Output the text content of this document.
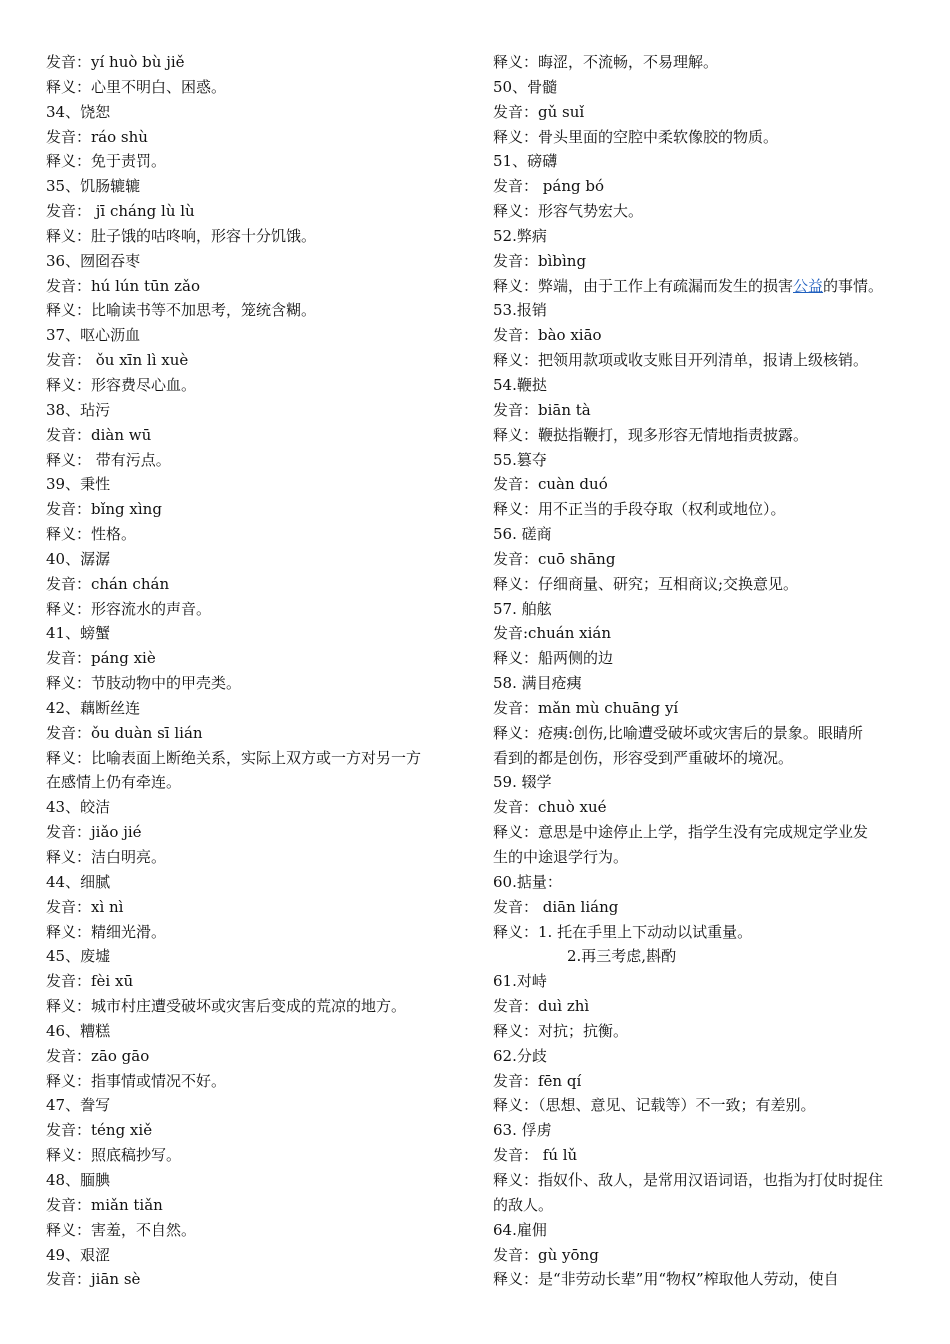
发音：yí huò bù jiě
释义：心里不明白、困惑。
34、饶恕
发音：ráo shù
释义：免于责罚。
35、饥肠辘辘
发音： jī cháng lù lù
释义：肚子饿的咕咚响，形容十分饥饿。
36、囫囵吞枣
发音：hú lún tūn zǎo
释义：比喻读书等不加思考，笼统含糊。
37、呕心沥血
发音： ǒu xīn lì xuè
释义：形容费尽心血。
38、玷污
发音：diàn wū
释义： 带有污点。
39、秉性
发音：bǐng xìng
释义：性格。
40、潺潺
发音：chán chán
释义：形容流水的声音。
41、螃蟹
发音：páng xiè
释义：节肢动物中的甲壳类。
42、藕断丝连
发音：ǒu duàn sī lián
释义：比喻表面上断绝关系，实际上双方或一方对另一方
在感情上仍有牵连。
43、皎洁
发音：jiǎo jié
释义：洁白明亮。
44、细腻
发音：xì nì
释义：精细光滑。
45、废墟
发音：fèi xū
释义：城市村庄遭受破坏或灾害后变成的荒凉的地方。
46、糟糕
发音：zāo gāo
释义：指事情或情况不好。
47、誊写
发音：téng xiě
释义：照底稿抄写。
48、腼腆
发音：miǎn tiǎn
释义：害羞，不自然。
49、艰涩
发音：jiān sè
释义：晦涩，不流畅，不易理解。
50、骨髓
发音：gǔ suǐ
释义：骨头里面的空腔中柔软像胶的物质。
51、磅礴
发音： páng bó
释义：形容气势宏大。
52.弊病
发音：bìbìng
释义：弊端，由于工作上有疏漏而发生的损害公益的事情。
53.报销
发音：bào xiāo
释义：把领用款项或收支账目开列清单，报请上级核销。
54.鞭挞
发音：biān tà
释义：鞭挞指鞭打，现多形容无情地指责披露。
55.篡夺
发音：cuàn duó
释义：用不正当的手段夺取（权利或地位）。
56. 磋商
发音：cuō shāng
释义：仔细商量、研究；互相商议;交换意见。
57. 舶舷
发音:chuán xián
释义：船两侧的边
58. 满目疮痍
发音：mǎn mù chuāng yí
释义：疮痍:创伤,比喻遭受破坏或灾害后的景象。眼睛所
看到的都是创伤，形容受到严重破坏的境况。
59. 辍学
发音：chuò xué
释义：意思是中途停止上学，指学生没有完成规定学业发
生的中途退学行为。
60.掂量：
发音： diān liáng
释义：1. 托在手里上下动动以试重量。
2.再三考虑,斟酌
61.对峙
发音：duì zhì
释义：对抗；抗衡。
62.分歧
发音：fēn qí
释义：（思想、意见、记载等）不一致；有差别。
63. 俘虏
发音： fú lǔ
释义：指奴仆、敌人，是常用汉语词语，也指为打仗时捉住
的敌人。
64.雇佣
发音：gù yōng
释义：是“非劳动长辈”用“物权”榨取他人劳动，使自
